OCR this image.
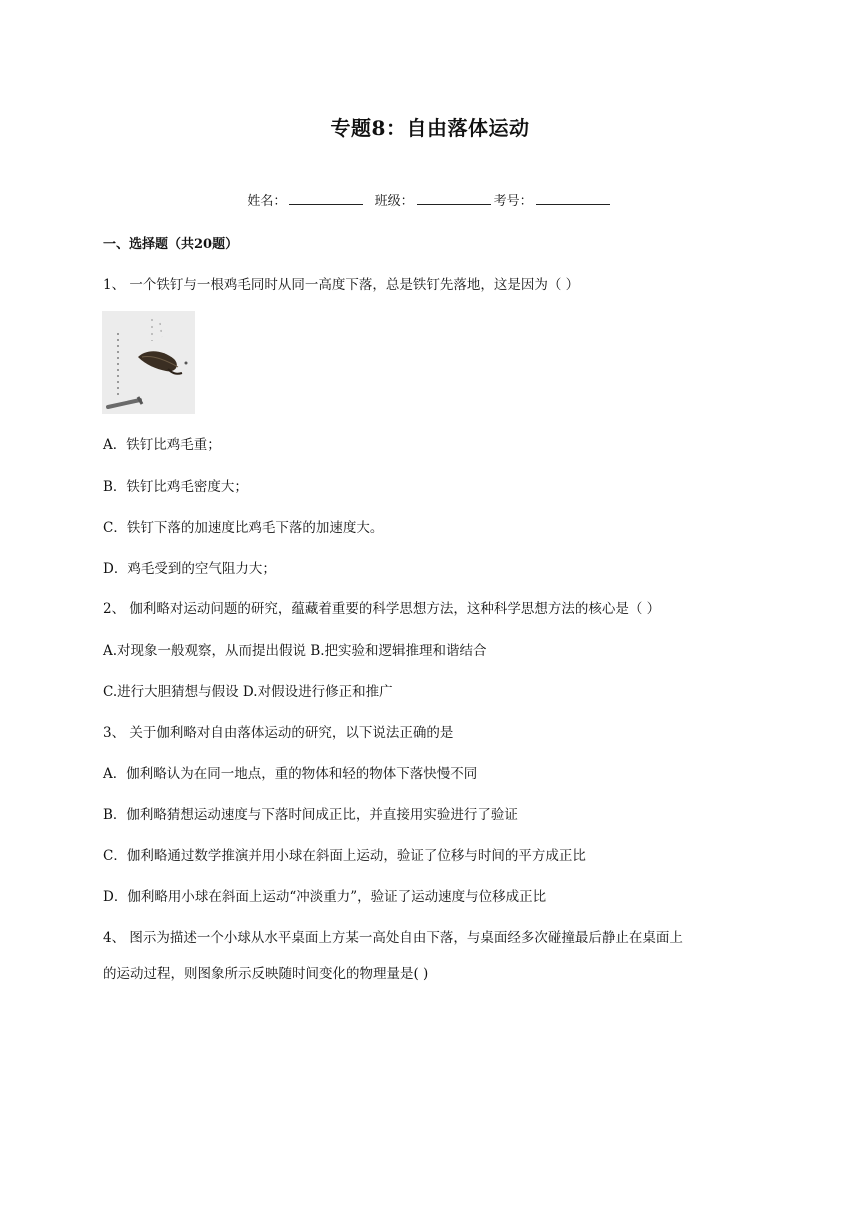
专题8：自由落体运动
姓名：	班级：	考号：
一、选择题（共20题）
1、 一个铁钉与一根鸡毛同时从同一高度下落，总是铁钉先落地，这是因为（ ）
A．铁钉比鸡毛重；
B．铁钉比鸡毛密度大；
C．铁钉下落的加速度比鸡毛下落的加速度大。
D．鸡毛受到的空气阻力大；
2、 伽利略对运动问题的研究，蕴藏着重要的科学思想方法，这种科学思想方法的核心是（ ）
A.对现象一般观察，从而提出假说 B.把实验和逻辑推理和谐结合
C.进行大胆猜想与假设 D.对假设进行修正和推广
3、 关于伽利略对自由落体运动的研究，以下说法正确的是
A．伽利略认为在同一地点，重的物体和轻的物体下落快慢不同
B．伽利略猜想运动速度与下落时间成正比，并直接用实验进行了验证
C．伽利略通过数学推演并用小球在斜面上运动，验证了位移与时间的平方成正比
D．伽利略用小球在斜面上运动“冲淡重力”，验证了运动速度与位移成正比
4、 图示为描述一个小球从水平桌面上方某一高处自由下落，与桌面经多次碰撞最后静止在桌面上
的运动过程，则图象所示反映随时间变化的物理量是( )
